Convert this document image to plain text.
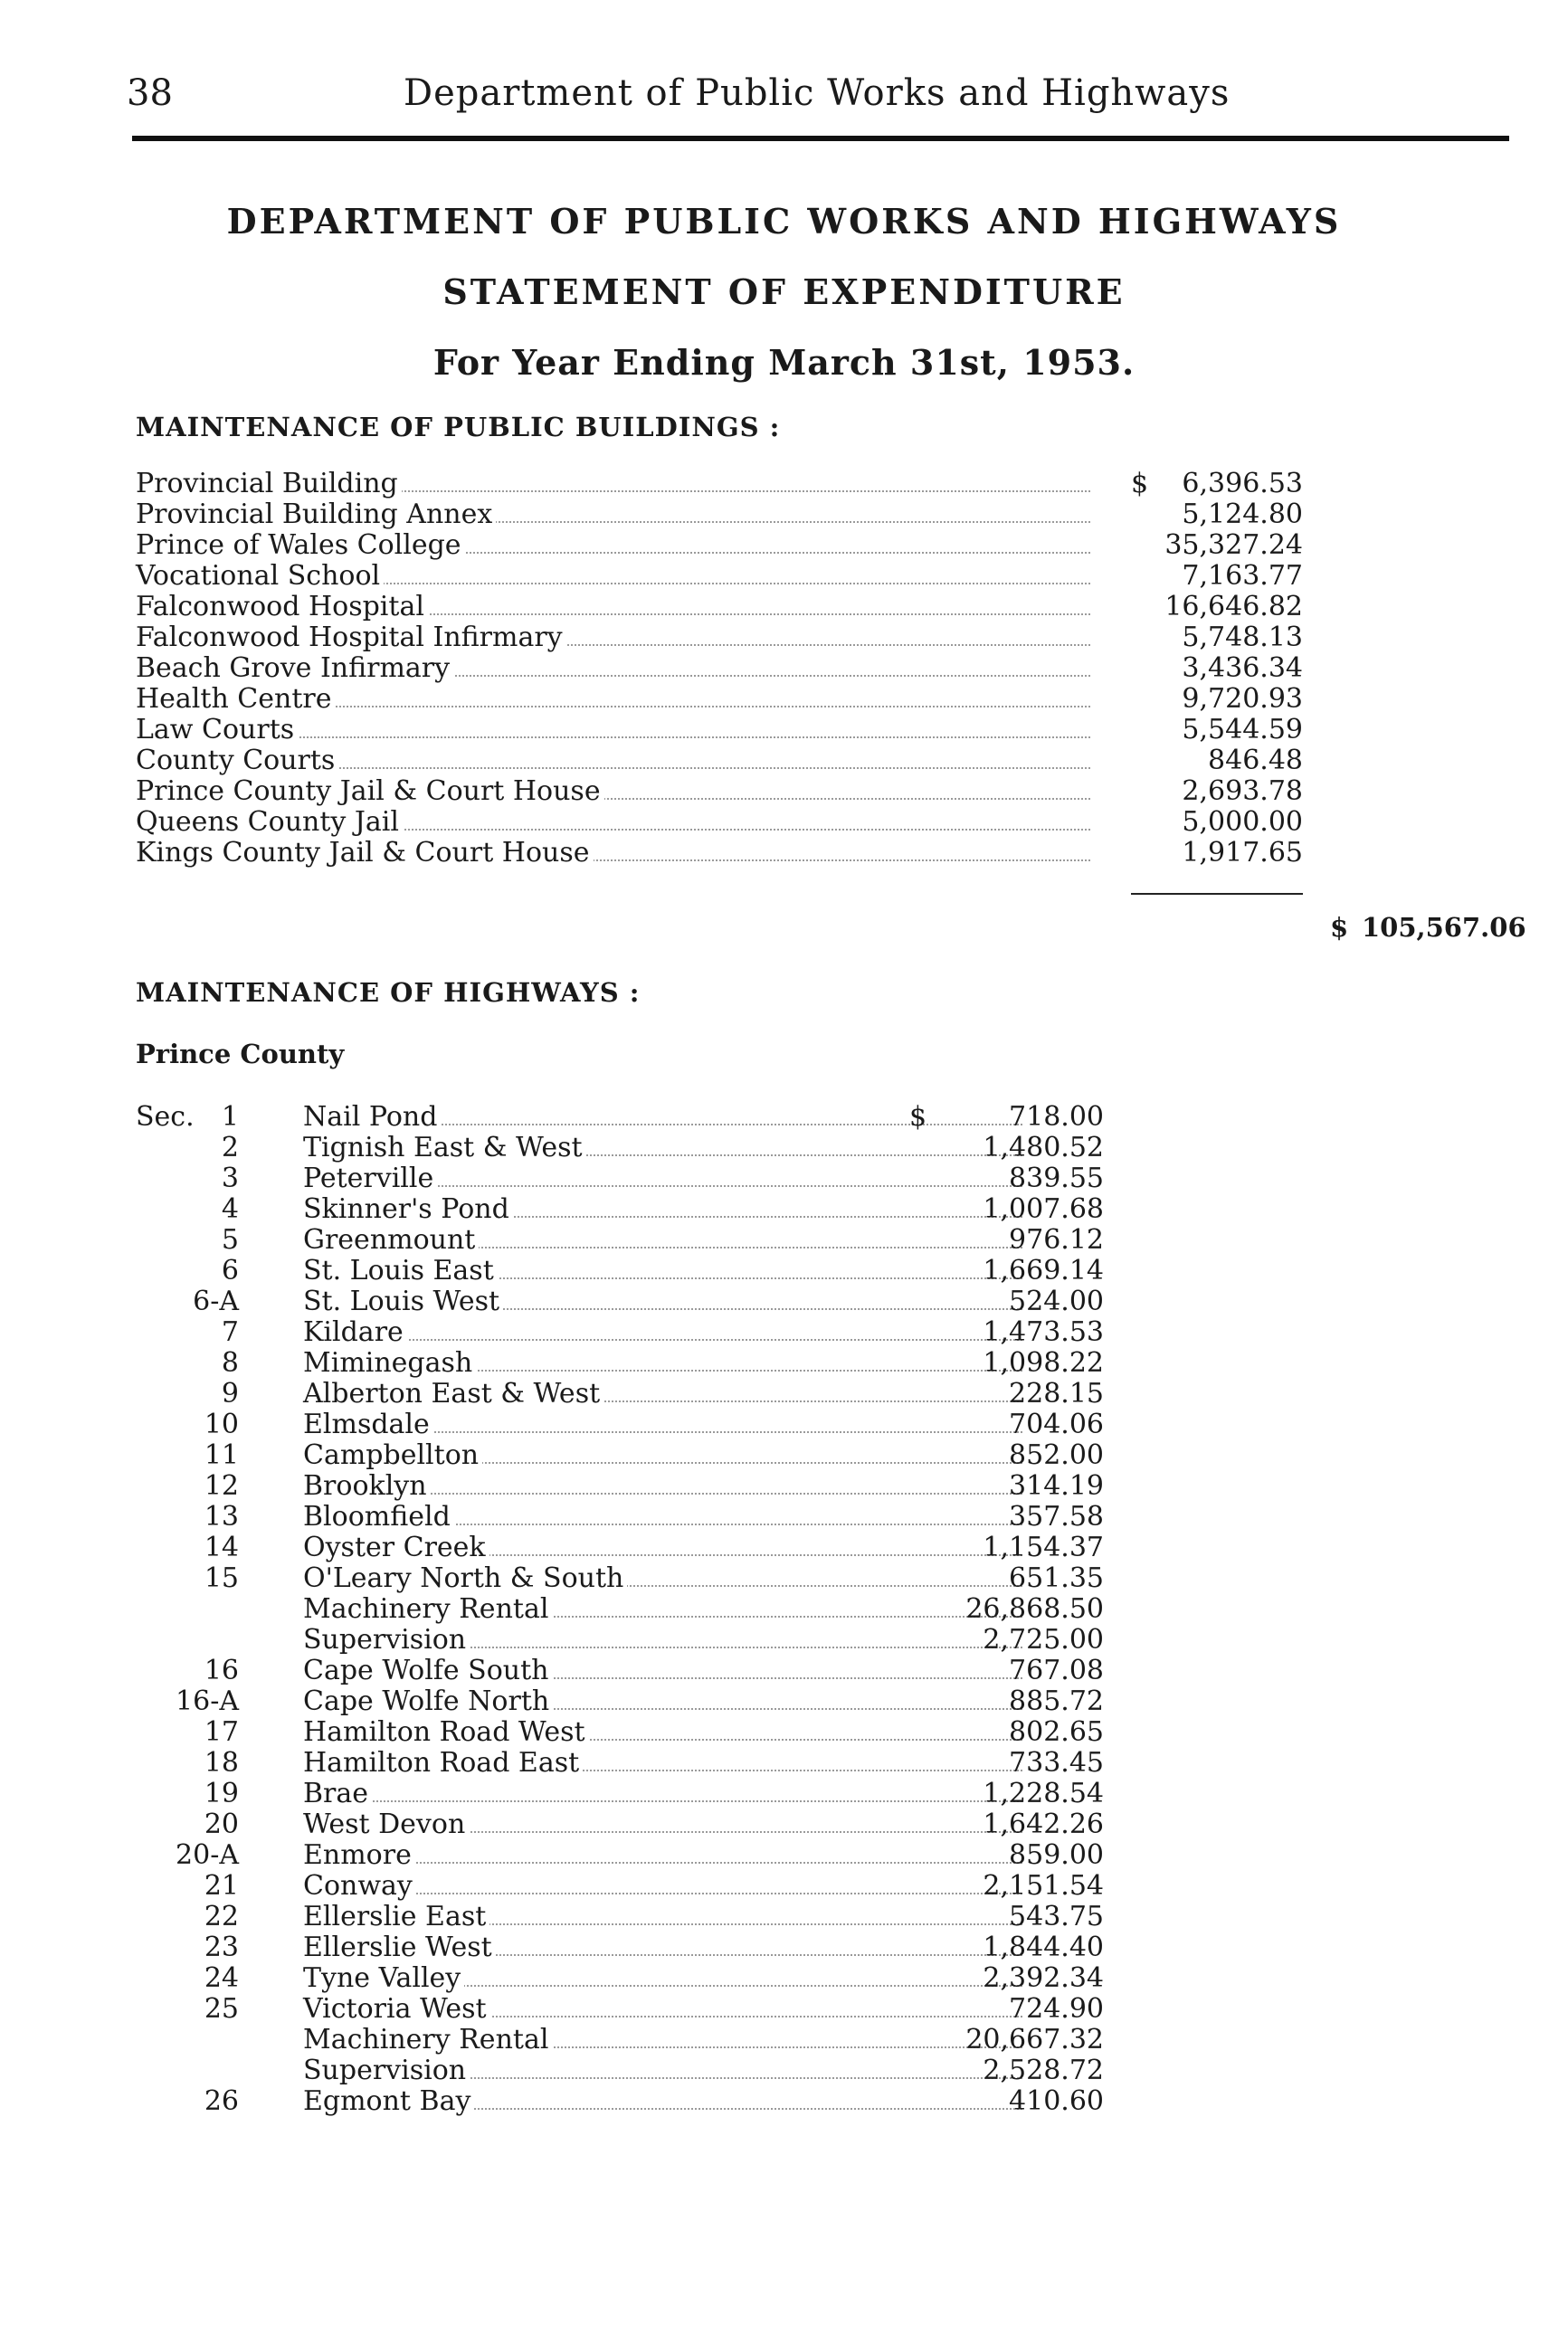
38	Department of Public Works and Highways
DEPARTMENT OF PUBLIC WORKS AND HIGHWAYS
STATEMENT OF EXPENDITURE
For Year Ending March 31st, 1953.
MAINTENANCE OF PUBLIC BUILDINGS :
Provincial Building	$	6,396.53
Provincial Building Annex	5,124.80
Prince of Wales College	35,327.24
Vocational School	7,163.77
Falconwood Hospital	16,646.82
Falconwood Hospital Infirmary	5,748.13
Beach Grove Infirmary	3,436.34
Health Centre	9,720.93
Law Courts	5,544.59
County Courts	846.48
Prince County Jail & Court House	2,693.78
Queens County Jail	5,000.00
Kings County Jail & Court House	1,917.65
$ 105,567.06
MAINTENANCE OF HIGHWAYS :
Prince County
Sec.	1 Nail Pond	$	718.00
2 Tignish East & West	1,480.52
3 Peterville	839.55
4 Skinner's Pond	1,007.68
5 Greenmount	976.12
6 St. Louis East	1,669.14
6-A St. Louis West	524.00
7 Kildare	1,473.53
8 Miminegash	1,098.22
9 Alberton East & West	228.15
10 Elmsdale	704.06
11 Campbellton	852.00
12 Brooklyn	314.19
13 Bloomfield	357.58
14 Oyster Creek	1,154.37
15 O'Leary North & South	651.35
Machinery Rental	26,868.50
Supervision	2,725.00
16 Cape Wolfe South	767.08
16-A Cape Wolfe North	885.72
17 Hamilton Road West	802.65
18 Hamilton Road East	733.45
19 Brae	1,228.54
20 West Devon	1,642.26
20-A Enmore	859.00
21 Conway	2,151.54
22 Ellerslie East	543.75
23 Ellerslie West	1,844.40
24 Tyne Valley	2,392.34
25 Victoria West	724.90
Machinery Rental	20,667.32
Supervision	2,528.72
26 Egmont Bay	410.60
